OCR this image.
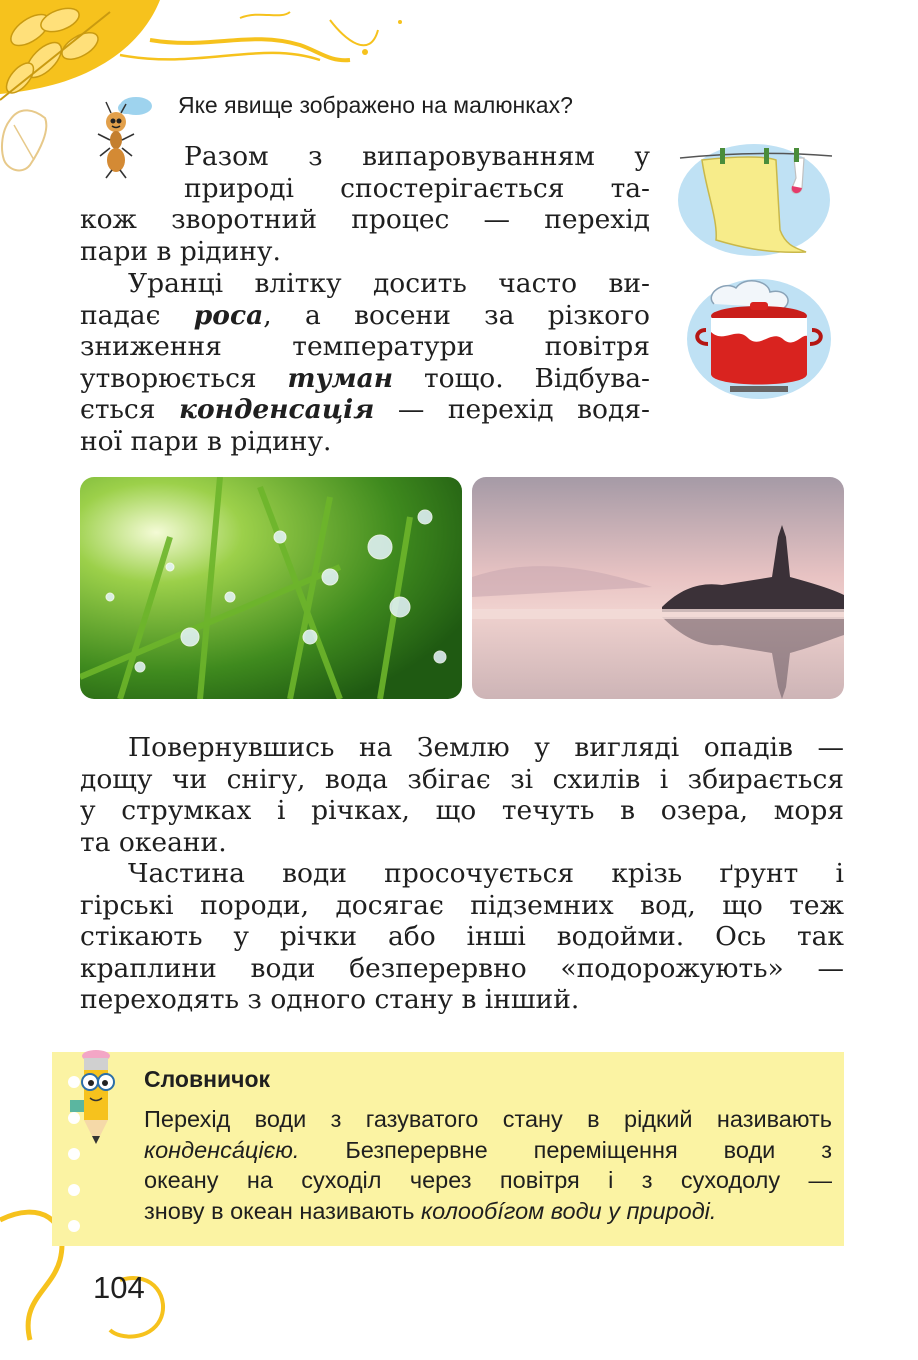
Яке явище зображено на малюнках?
Разом з випаровуванням у
природі спостерігається та-
кож зворотний процес — перехід
пари в рідину.
Уранці влітку досить часто ви-
падає роса, а восени за різкого
зниження температури повітря
утворюється туман тощо. Відбува-
ється конденсація — перехід водя-
ної пари в рідину.
Повернувшись на Землю у вигляді опадів —
дощу чи снігу, вода збігає зі схилів і збирається
у струмках і річках, що течуть в озера, моря
та океани.
Частина води просочується крізь ґрунт і
гірські породи, досягає підземних вод, що теж
стікають у річки або інші водойми. Ось так
краплини води безперервно «подорожують» —
переходять з одного стану в інший.
Словничок
Перехід води з газуватого стану в рідкий називають
конденсáцією. Безперервне переміщення води з
океану на суходіл через повітря і з суходолу —
знову в океан називають колообíгом води у природі.
104
